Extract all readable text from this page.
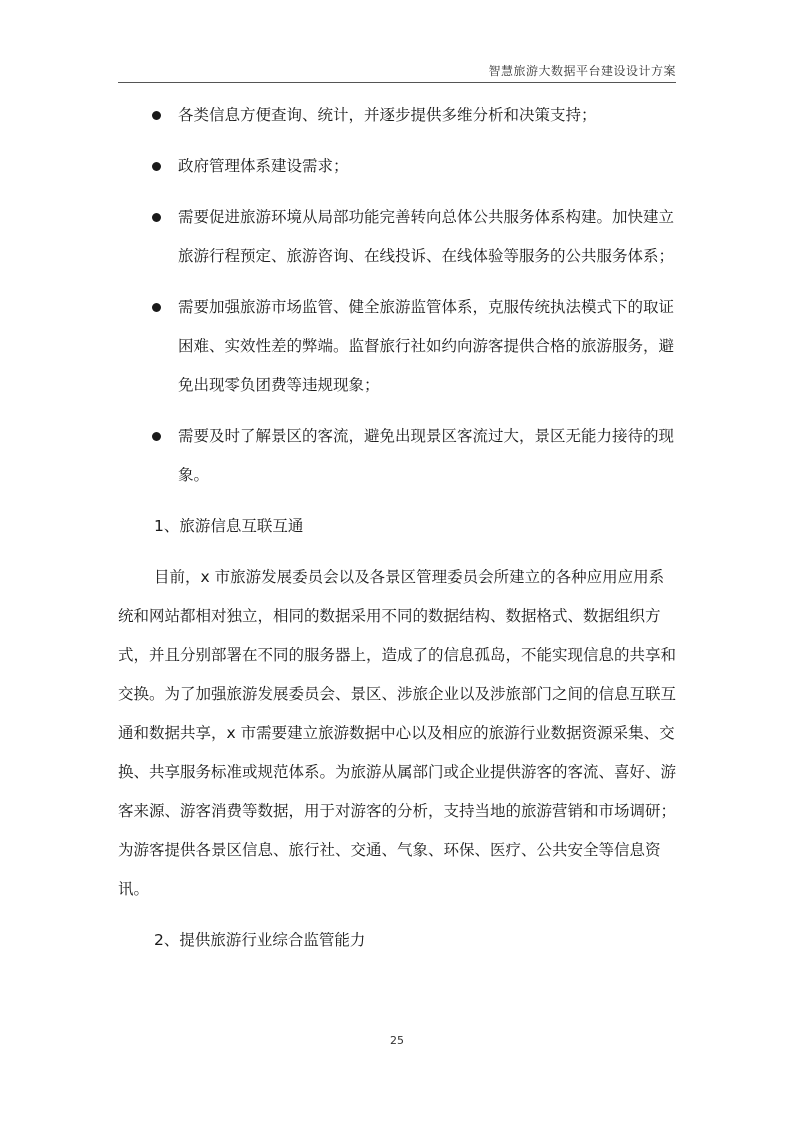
智慧旅游大数据平台建设设计方案
各类信息方便查询、统计，并逐步提供多维分析和决策支持；
政府管理体系建设需求；
需要促进旅游环境从局部功能完善转向总体公共服务体系构建。加快建立旅游行程预定、旅游咨询、在线投诉、在线体验等服务的公共服务体系；
需要加强旅游市场监管、健全旅游监管体系，克服传统执法模式下的取证困难、实效性差的弊端。监督旅行社如约向游客提供合格的旅游服务，避免出现零负团费等违规现象；
需要及时了解景区的客流，避免出现景区客流过大，景区无能力接待的现象。
1、旅游信息互联互通

目前，x 市旅游发展委员会以及各景区管理委员会所建立的各种应用应用系统和网站都相对独立，相同的数据采用不同的数据结构、数据格式、数据组织方式，并且分别部署在不同的服务器上，造成了的信息孤岛，不能实现信息的共享和交换。为了加强旅游发展委员会、景区、涉旅企业以及涉旅部门之间的信息互联互通和数据共享，x 市需要建立旅游数据中心以及相应的旅游行业数据资源采集、交换、共享服务标准或规范体系。为旅游从属部门或企业提供游客的客流、喜好、游客来源、游客消费等数据，用于对游客的分析，支持当地的旅游营销和市场调研；为游客提供各景区信息、旅行社、交通、气象、环保、医疗、公共安全等信息资讯。

2、提供旅游行业综合监管能力
25
